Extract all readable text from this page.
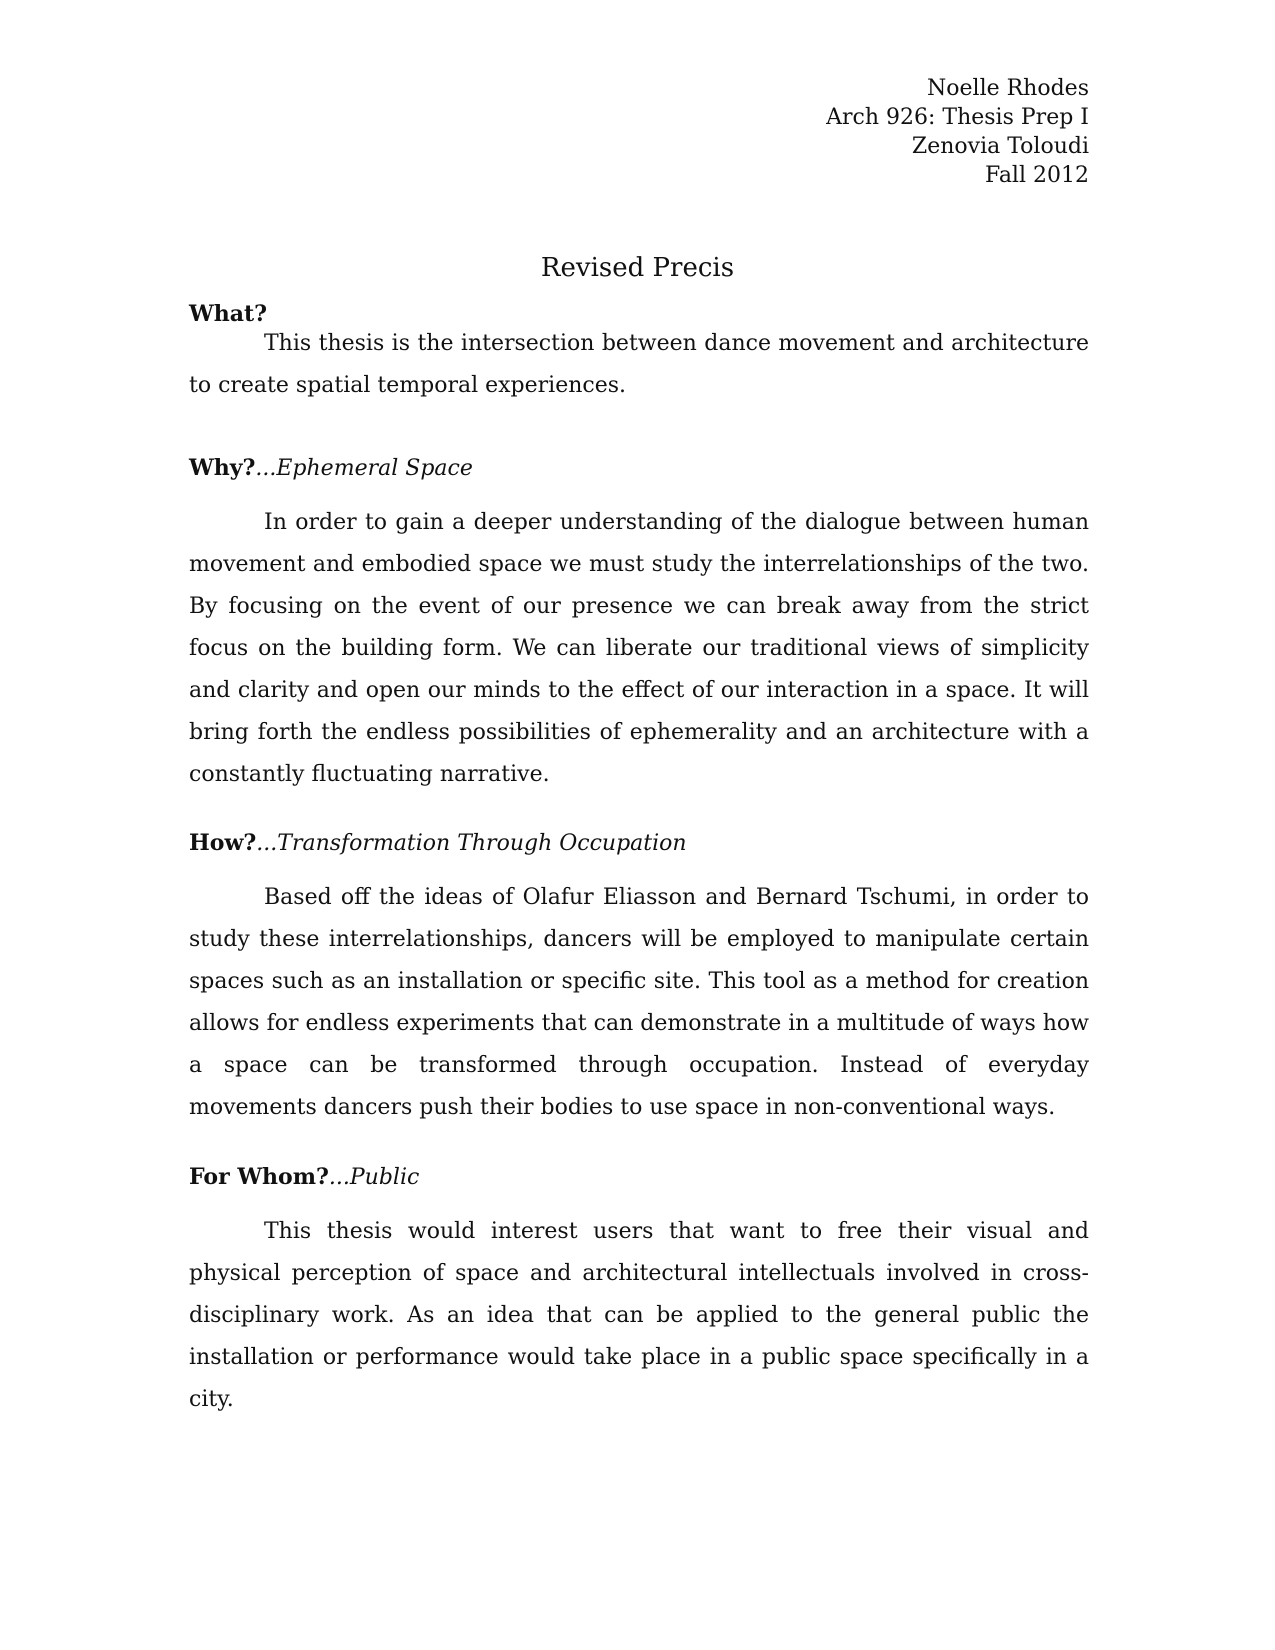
Noelle Rhodes
Arch 926: Thesis Prep I
Zenovia Toloudi
Fall 2012
Revised Precis

What?

This thesis is the intersection between dance movement and architecture to create spatial temporal experiences.

Why?...Ephemeral Space

In order to gain a deeper understanding of the dialogue between human movement and embodied space we must study the interrelationships of the two. By focusing on the event of our presence we can break away from the strict focus on the building form. We can liberate our traditional views of simplicity and clarity and open our minds to the effect of our interaction in a space. It will bring forth the endless possibilities of ephemerality and an architecture with a constantly fluctuating narrative.

How?...Transformation Through Occupation

Based off the ideas of Olafur Eliasson and Bernard Tschumi, in order to study these interrelationships, dancers will be employed to manipulate certain spaces such as an installation or specific site. This tool as a method for creation allows for endless experiments that can demonstrate in a multitude of ways how a space can be transformed through occupation. Instead of everyday movements dancers push their bodies to use space in non-conventional ways.

For Whom?...Public

This thesis would interest users that want to free their visual and physical perception of space and architectural intellectuals involved in cross-disciplinary work. As an idea that can be applied to the general public the installation or performance would take place in a public space specifically in a city.
